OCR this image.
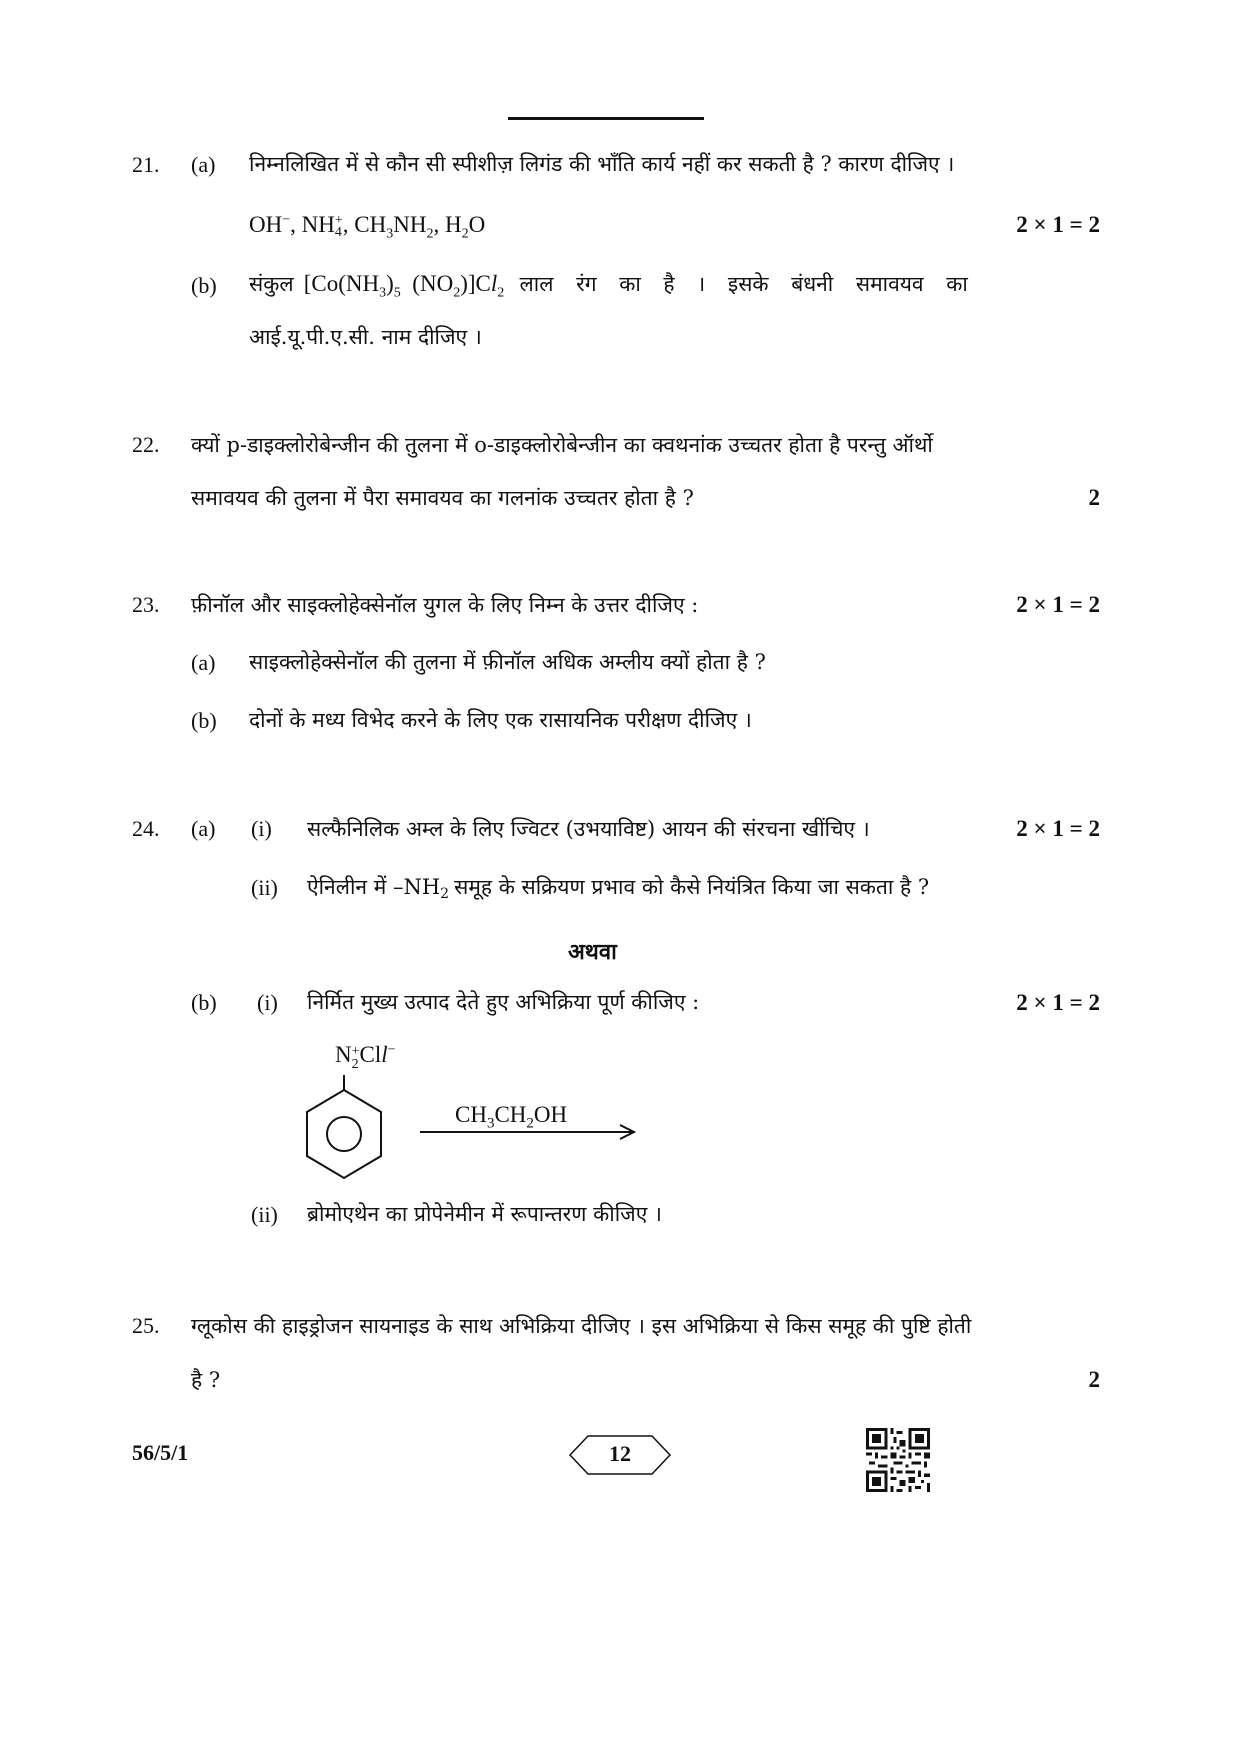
21. (a) निम्नलिखित में से कौन सी स्पीशीज़ लिगंड की भाँति कार्य नहीं कर सकती है ? कारण दीजिए ।
OH−, NH +
4 , $CH_3NH_2$, $H_2O$	2 × 1 = 2
(b) संकुल [$Co(NH_3)_5$ $(NO_2)]Cl_2$ लाल रंग का है । इसके बंधनी समावयव का
आई.यू.पी.ए.सी. नाम दीजिए ।
22. क्यों p-डाइक्लोरोबेन्जीन की तुलना में o-डाइक्लोरोबेन्जीन का क्वथनांक उच्चतर होता है परन्तु ऑर्थो
समावयव की तुलना में पैरा समावयव का गलनांक उच्चतर होता है ?	2
23. फ़ीनॉल और साइक्लोहेक्सेनॉल युगल के लिए निम्न के उत्तर दीजिए :	2 × 1 = 2
(a) साइक्लोहेक्सेनॉल की तुलना में फ़ीनॉल अधिक अम्लीय क्यों होता है ?
(b) दोनों के मध्य विभेद करने के लिए एक रासायनिक परीक्षण दीजिए ।
24. (a) (i) सल्फैनिलिक अम्ल के लिए ज्विटर (उभयाविष्ट) आयन की संरचना खींचिए ।	2 × 1 = 2
(ii) ऐनिलीन में $-NH_2$ समूह के सक्रियण प्रभाव को कैसे नियंत्रित किया जा सकता है ?
अथवा
(b) (i) निर्मित मुख्य उत्पाद देते हुए अभिक्रिया पूर्ण कीजिए :	2 × 1 = 2
N +
2 Cll−
$CH_3CH_2OH$
(ii) ब्रोमोएथेन का प्रोपेनेमीन में रूपान्तरण कीजिए ।
25. ग्लूकोस की हाइड्रोजन सायनाइड के साथ अभिक्रिया दीजिए । इस अभिक्रिया से किस समूह की पुष्टि होती
है ?	2
56/5/1	12
